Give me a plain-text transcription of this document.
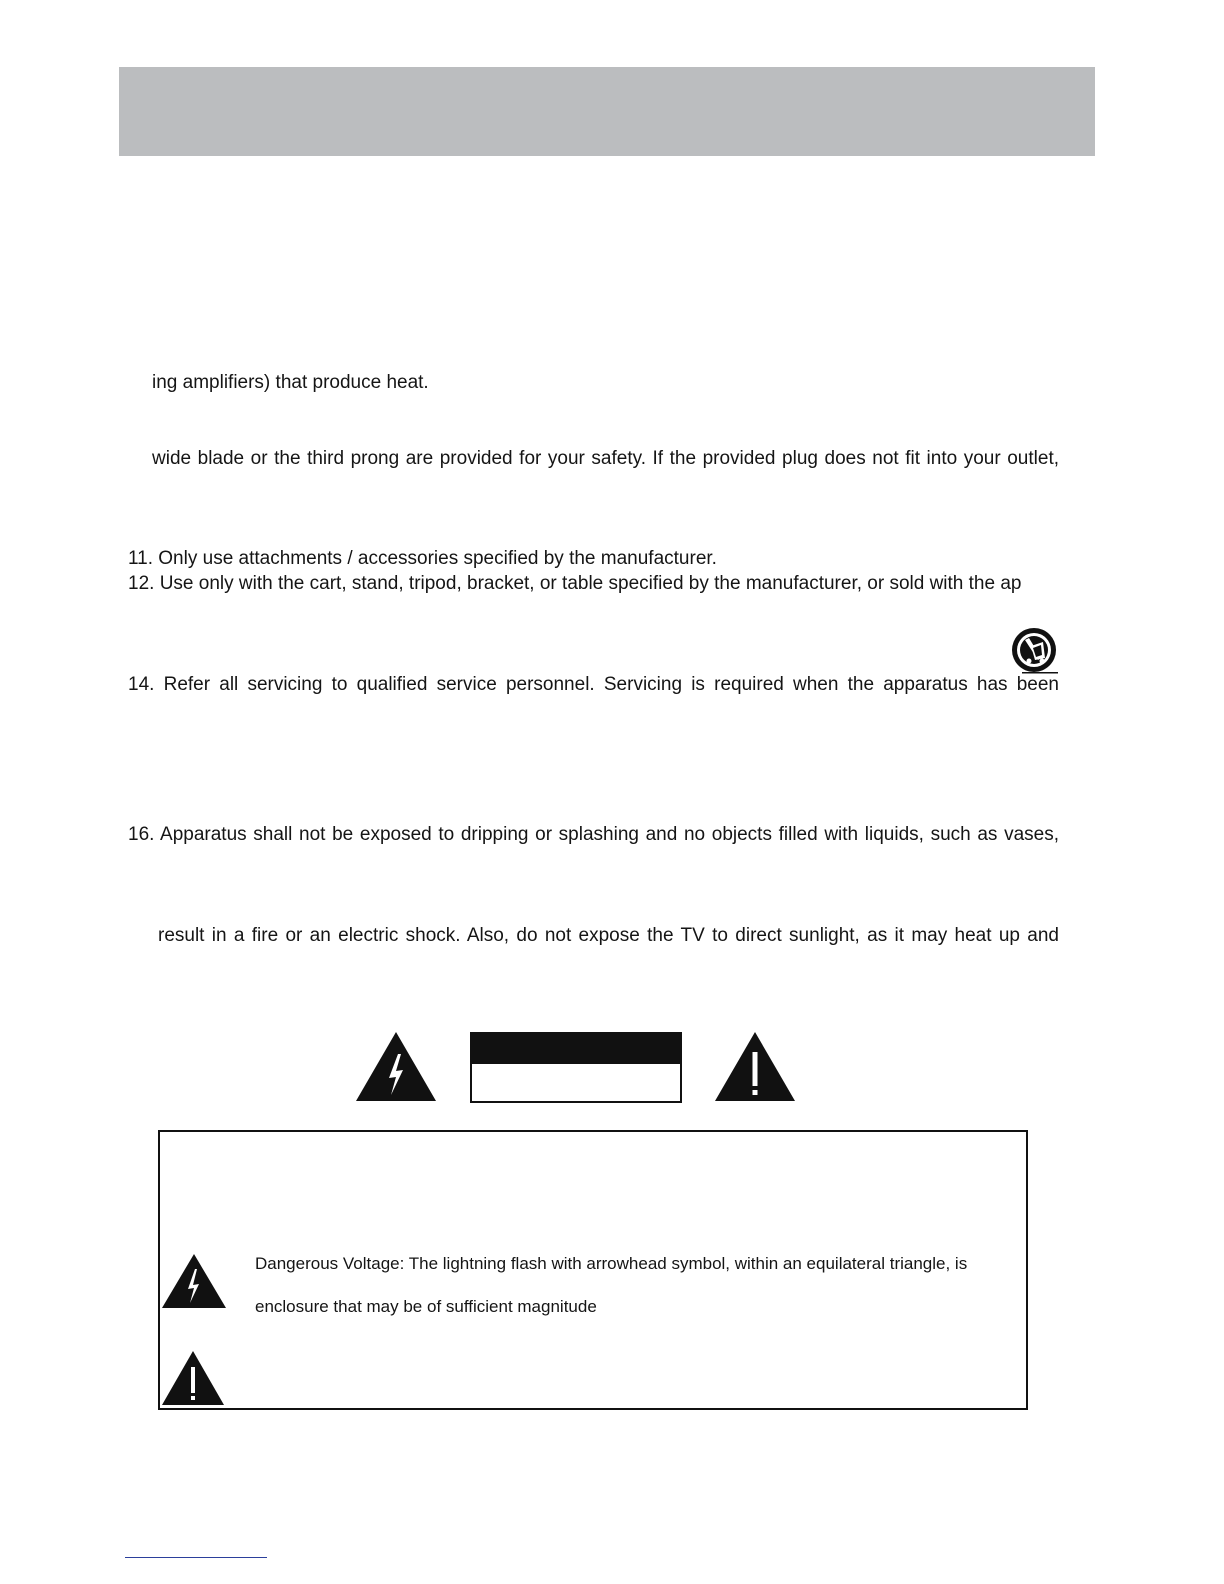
ing amplifiers) that produce heat.
wide blade or the third prong are provided for your safety. If the provided plug does not fit into your outlet,
11. Only use attachments / accessories specified by the manufacturer.
12. Use only with the cart, stand, tripod, bracket, or table specified by the manufacturer, or sold with the ap
14. Refer all servicing to qualified service personnel. Servicing is required when the apparatus has been
16. Apparatus shall not be exposed to dripping or splashing and no objects filled with liquids, such as vases,
result in a fire or an electric shock. Also, do not expose the TV to direct sunlight, as it may heat up and
Dangerous Voltage: The lightning flash with arrowhead symbol, within an equilateral triangle, is
enclosure that may be of sufficient magnitude
